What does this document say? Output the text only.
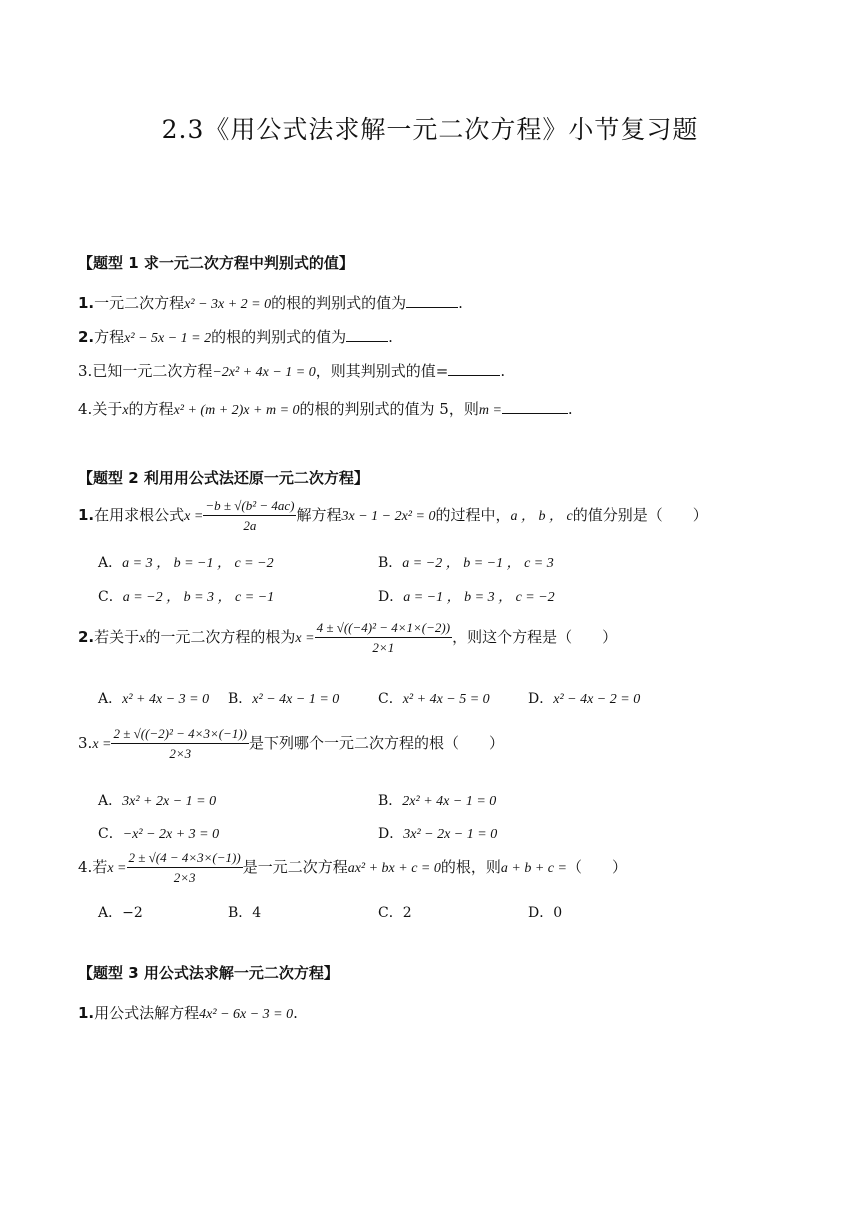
2.3《用公式法求解一元二次方程》小节复习题
【题型 1 求一元二次方程中判别式的值】
1.一元二次方程x² − 3x + 2 = 0的根的判别式的值为	.
2.方程x² − 5x − 1 = 2的根的判别式的值为	.
3.已知一元二次方程−2x² + 4x − 1 = 0，则其判别式的值=	.
4.关于x的方程x² + (m + 2)x + m = 0的根的判别式的值为 5，则m =	.
【题型 2 利用用公式法还原一元二次方程】
1.在用求根公式$x = \frac{\text{−b ± √(b² − 4ac)}}{2a}$ 解方程3x − 1 − 2x² = 0的过程中，a ， b ， c的值分别是（　　）
A．a = 3 ， b = −1 ， c = −2	B．a = −2 ， b = −1 ， c = 3
C．a = −2 ， b = 3 ， c = −1	D．a = −1 ， b = 3 ， c = −2
2.若关于x的一元二次方程的根为$x = \frac{\text{4 ± √((−4)² − 4×1×(−2))}}{2\times 1}$ ，则这个方程是（　　）
A．x² + 4x − 3 = 0 B．x² − 4x − 1 = 0	C．x² + 4x − 5 = 0	D．x² − 4x − 2 = 0
$3.x = \frac{\text{2 ± √((−2)² − 4×3×(−1))}}{2\times 3}$ 是下列哪个一元二次方程的根（　　）
A．3x² + 2x − 1 = 0	B．2x² + 4x − 1 = 0
C．−x² − 2x + 3 = 0	D．3x² − 2x − 1 = 0
4.若$x = \frac{2 \pm √(4 - 4\times 3\times(-1))}{2\times 3}$ 是一元二次方程ax² + bx + c = 0的根，则a + b + c =（　　）
A．−2	B．4	C．2	D．0
【题型 3 用公式法求解一元二次方程】
1.用公式法解方程4x² − 6x − 3 = 0.
